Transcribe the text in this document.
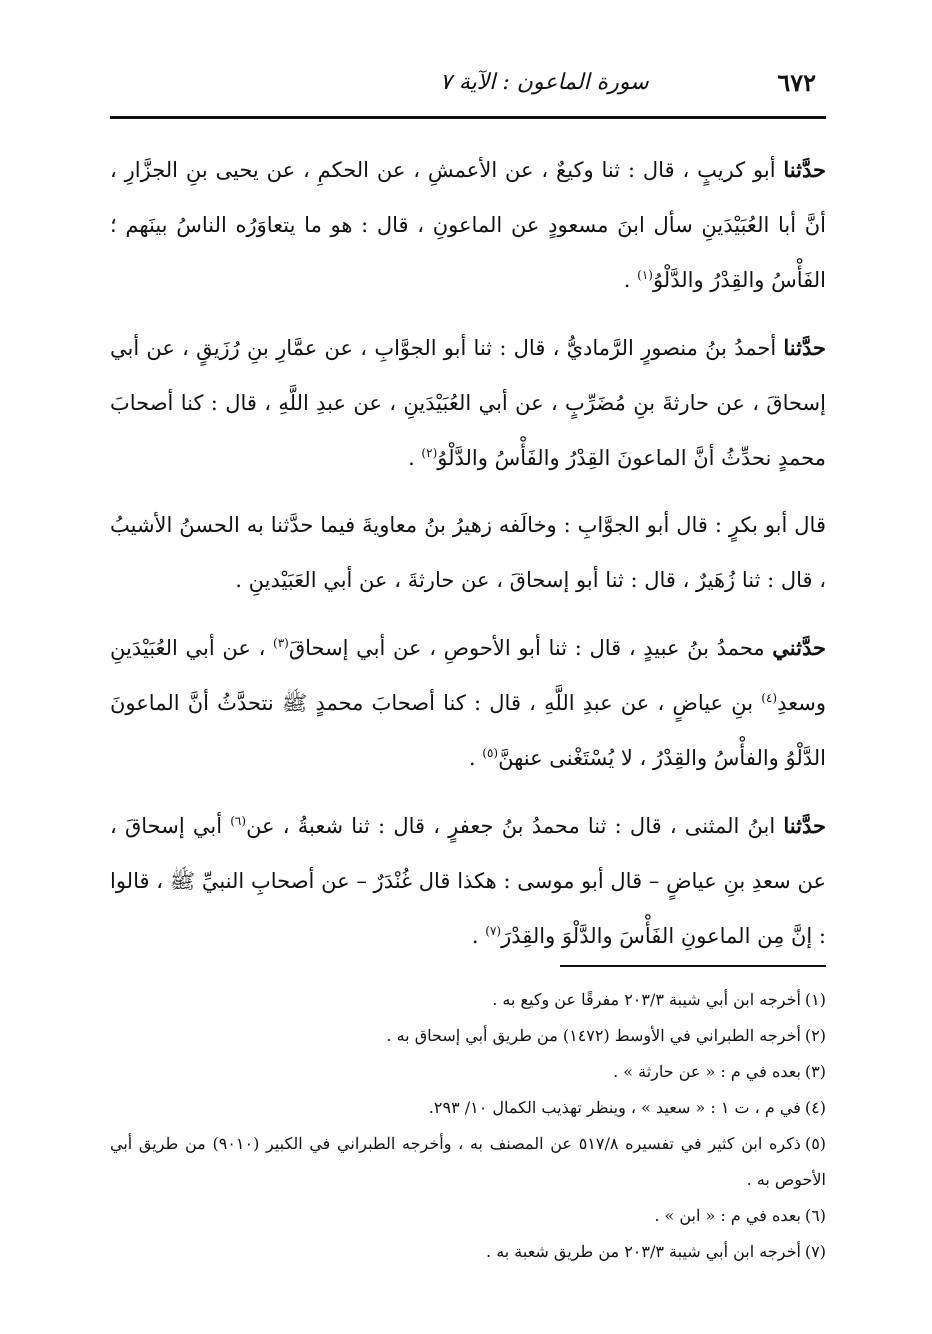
٦٧٢
سورة الماعون : الآية ٧

حدَّثنا أبو كريبٍ ، قال : ثنا وكيعٌ ، عن الأعمشِ ، عن الحكمِ ، عن يحيى بنِ الجزَّارِ ، أنَّ أبا العُبَيْدَينِ سأل ابنَ مسعودٍ عن الماعونِ ، قال : هو ما يتعاوَرُه الناسُ بينَهم ؛ الفَأْسُ والقِدْرُ والدَّلْوُ$^{(١)}$ .

حدَّثنا أحمدُ بنُ منصورٍ الرَّماديُّ ، قال : ثنا أبو الجوَّابِ ، عن عمَّارِ بنِ رُزَيقٍ ، عن أبي إسحاقَ ، عن حارثةَ بنِ مُضَرِّبٍ ، عن أبي العُبَيْدَينِ ، عن عبدِ اللَّهِ ، قال : كنا أصحابَ محمدٍ نحدِّثُ أنَّ الماعونَ القِدْرُ والفَأْسُ والدَّلْوُ$^{(٢)}$ .

قال أبو بكرٍ : قال أبو الجوَّابِ : وخالَفه زهيرُ بنُ معاويةَ فيما حدَّثنا به الحسنُ الأشيبُ ، قال : ثنا زُهَيرٌ ، قال : ثنا أبو إسحاقَ ، عن حارثةَ ، عن أبي العَبَيْدينِ .

حدَّثني محمدُ بنُ عبيدٍ ، قال : ثنا أبو الأحوصِ ، عن أبي إسحاقَ$^{(٣)}$ ، عن أبي العُبَيْدَينِ وسعدِ$^{(٤)}$ بنِ عياضٍ ، عن عبدِ اللَّهِ ، قال : كنا أصحابَ محمدٍ ﷺ نتحدَّثُ أنَّ الماعونَ الدَّلْوُ والفأْسُ والقِدْرُ ، لا يُسْتَغْنى عنهنَّ$^{(٥)}$ .

حدَّثنا ابنُ المثنى ، قال : ثنا محمدُ بنُ جعفرٍ ، قال : ثنا شعبةُ ، عن$^{(٦)}$ أبي إسحاقَ ، عن سعدِ بنِ عياضٍ – قال أبو موسى : هكذا قال غُنْدَرٌ – عن أصحابِ النبيِّ ﷺ ، قالوا : إنَّ مِن الماعونِ الفَأْسَ والدَّلْوَ والقِدْرَ$^{(٧)}$ .

(١)أخرجه ابن أبي شيبة ٢٠٣/٣ مفرقًا عن وكيع به .

(٢)أخرجه الطبراني في الأوسط (١٤٧٢) من طريق أبي إسحاق به .

(٣)بعده في م : « عن حارثة » .

(٤)في م ، ت ١ : « سعيد » ، وينظر تهذيب الكمال ١٠/ ٢٩٣.

(٥)ذكره ابن كثير في تفسيره ٥١٧/٨ عن المصنف به ، وأخرجه الطبراني في الكبير (٩٠١٠) من طريق أبي الأحوص به .

(٦)بعده في م : « ابن » .

(٧)أخرجه ابن أبي شيبة ٢٠٣/٣ من طريق شعبة به .
